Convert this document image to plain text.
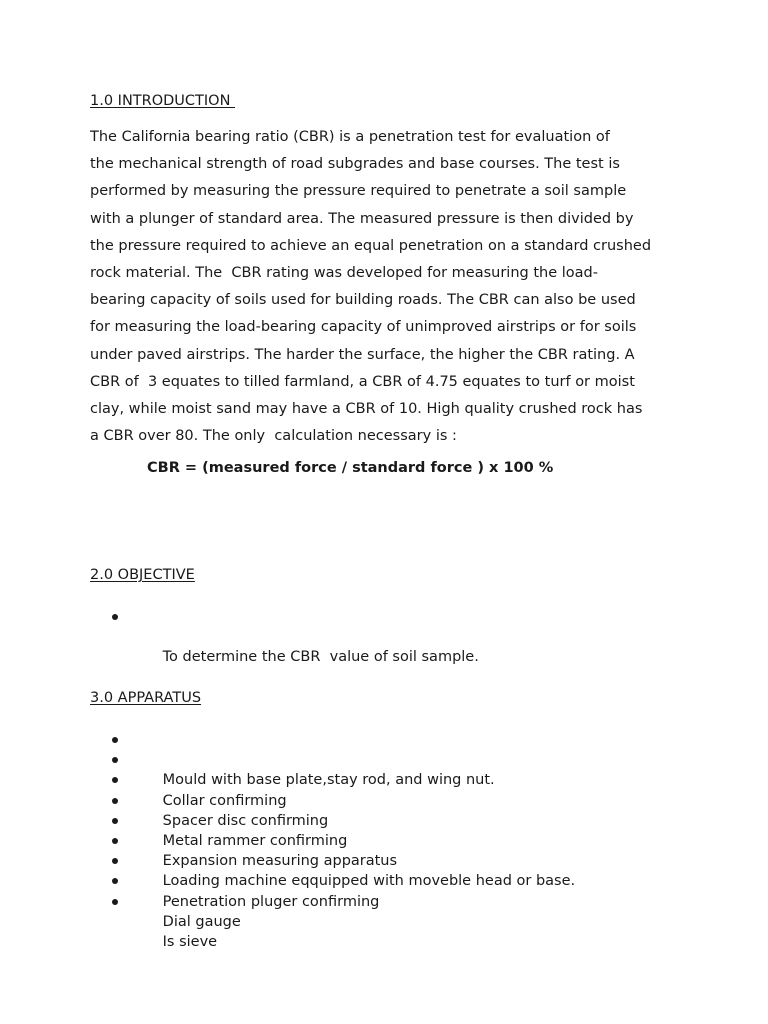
1.0 INTRODUCTION

The California bearing ratio (CBR) is a penetration test for evaluation of
the mechanical strength of road subgrades and base courses. The test is
performed by measuring the pressure required to penetrate a soil sample
with a plunger of standard area. The measured pressure is then divided by
the pressure required to achieve an equal penetration on a standard crushed
rock material. The  CBR rating was developed for measuring the load-
bearing capacity of soils used for building roads. The CBR can also be used
for measuring the load-bearing capacity of unimproved airstrips or for soils
under paved airstrips. The harder the surface, the higher the CBR rating. A
CBR of  3 equates to tilled farmland, a CBR of 4.75 equates to turf or moist
clay, while moist sand may have a CBR of 10. High quality crushed rock has
a CBR over 80. The only  calculation necessary is :

CBR = (measured force / standard force ) x 100 %

2.0 OBJECTIVE

To determine the CBR  value of soil sample.

3.0 APPARATUS

Mould with base plate,stay rod, and wing nut.

Collar confirming

Spacer disc confirming

Metal rammer confirming

Expansion measuring apparatus

Loading machine eqquipped with moveble head or base.

Penetration pluger confirming

Dial gauge

Is sieve
